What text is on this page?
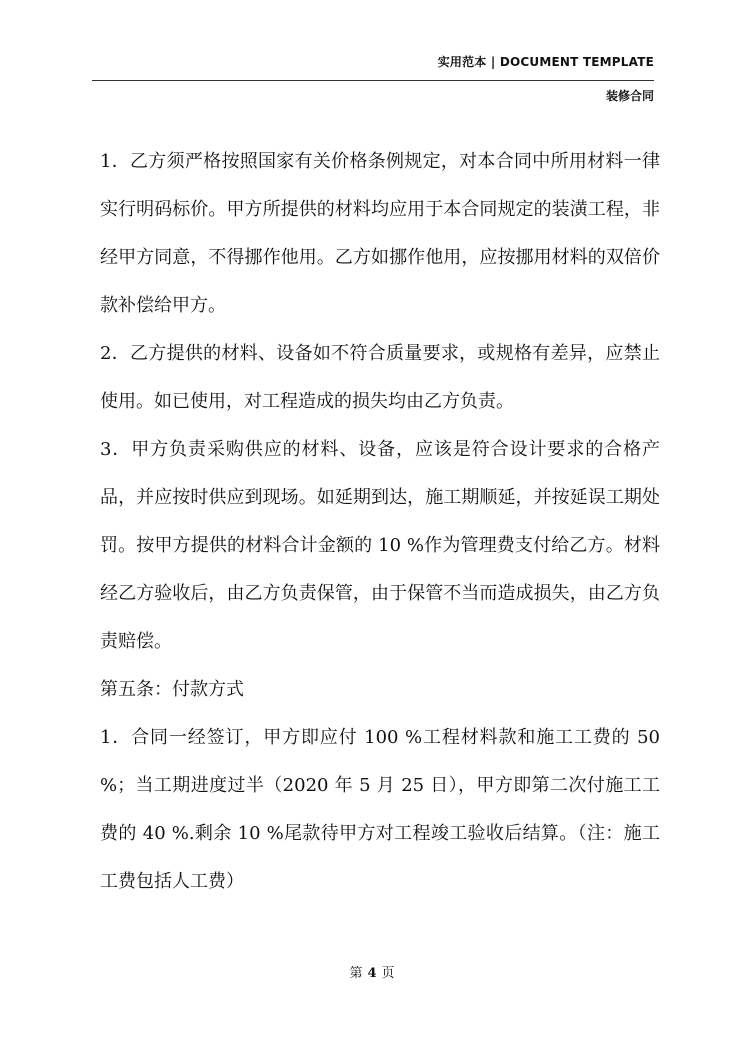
实用范本 | DOCUMENT TEMPLATE
装修合同

1．乙方须严格按照国家有关价格条例规定，对本合同中所用材料一律实行明码标价。甲方所提供的材料均应用于本合同规定的装潢工程，非经甲方同意，不得挪作他用。乙方如挪作他用，应按挪用材料的双倍价款补偿给甲方。

2．乙方提供的材料、设备如不符合质量要求，或规格有差异，应禁止使用。如已使用，对工程造成的损失均由乙方负责。

3．甲方负责采购供应的材料、设备，应该是符合设计要求的合格产品，并应按时供应到现场。如延期到达，施工期顺延，并按延误工期处罚。按甲方提供的材料合计金额的 10 %作为管理费支付给乙方。材料经乙方验收后，由乙方负责保管，由于保管不当而造成损失，由乙方负责赔偿。

第五条：付款方式

1．合同一经签订，甲方即应付 100 %工程材料款和施工工费的 50 %；当工期进度过半（2020 年 5 月 25 日），甲方即第二次付施工工费的 40 %.剩余 10 %尾款待甲方对工程竣工验收后结算。（注：施工工费包括人工费）

第 4 页
